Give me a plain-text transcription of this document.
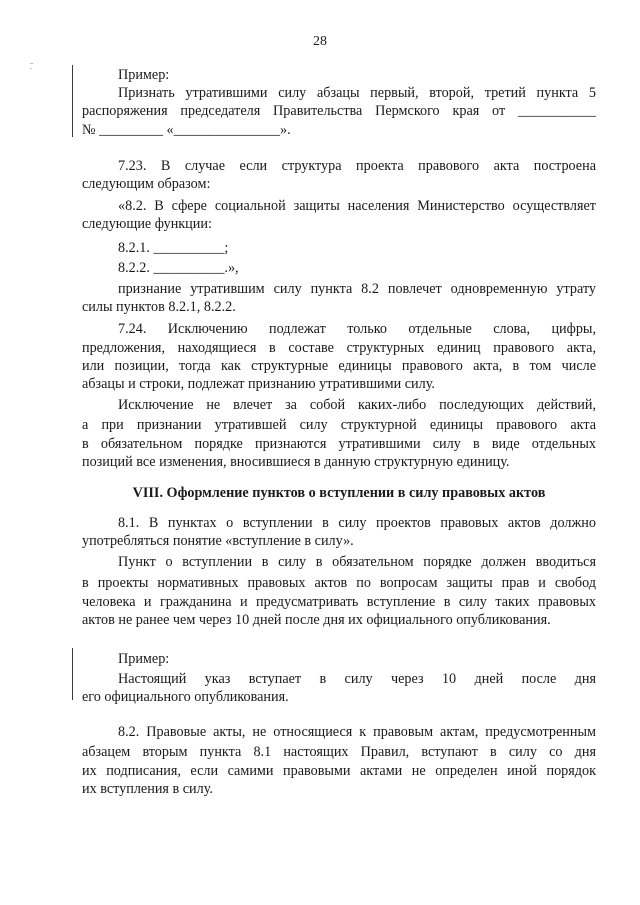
28
Пример:
Признать утратившими силу абзацы первый, второй, третий пункта 5
распоряжения председателя Правительства Пермского края от ___________
№ _________ «_______________».
7.23. В случае если структура проекта правового акта построена
следующим образом:
«8.2. В сфере социальной защиты населения Министерство осуществляет
следующие функции:
8.2.1. __________;
8.2.2. __________.»,
признание утратившим силу пункта 8.2 повлечет одновременную утрату
силы пунктов 8.2.1, 8.2.2.
7.24. Исключению подлежат только отдельные слова, цифры,
предложения, находящиеся в составе структурных единиц правового акта,
или позиции, тогда как структурные единицы правового акта, в том числе
абзацы и строки, подлежат признанию утратившими силу.
Исключение не влечет за собой каких-либо последующих действий,
а при признании утратившей силу структурной единицы правового акта
в обязательном порядке признаются утратившими силу в виде отдельных
позиций все изменения, вносившиеся в данную структурную единицу.
VIII. Оформление пунктов о вступлении в силу правовых актов
8.1. В пунктах о вступлении в силу проектов правовых актов должно
употребляться понятие «вступление в силу».
Пункт о вступлении в силу в обязательном порядке должен вводиться
в проекты нормативных правовых актов по вопросам защиты прав и свобод
человека и гражданина и предусматривать вступление в силу таких правовых
актов не ранее чем через 10 дней после дня их официального опубликования.
Пример:
Настоящий указ вступает в силу через 10 дней после дня
его официального опубликования.
8.2. Правовые акты, не относящиеся к правовым актам, предусмотренным
абзацем вторым пункта 8.1 настоящих Правил, вступают в силу со дня
их подписания, если самими правовыми актами не определен иной порядок
их вступления в силу.
